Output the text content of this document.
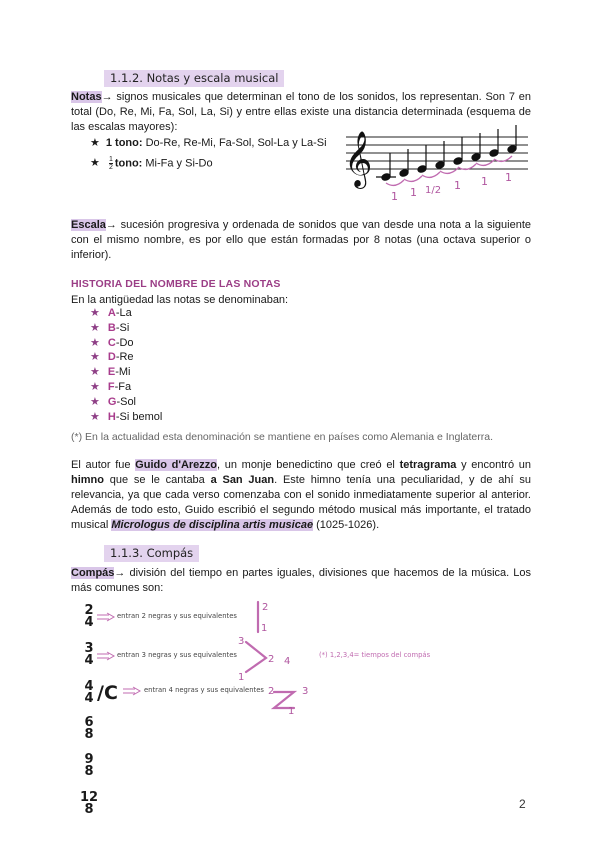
1.1.2. Notas y escala musical
Notas→ signos musicales que determinan el tono de los sonidos, los representan. Son 7 en total (Do, Re, Mi, Fa, Sol, La, Si) y entre ellas existe una distancia determinada (esquema de las escalas mayores):
★ 1 tono: Do-Re, Re-Mi, Fa-Sol, Sol-La y La-Si
★ $\frac{1}{2}$ tono: Mi-Fa y Si-Do	𝄞
1 1 1/2 1 1 1
Escala→ sucesión progresiva y ordenada de sonidos que van desde una nota a la siguiente con el mismo nombre, es por ello que están formadas por 8 notas (una octava superior o inferior).
HISTORIA DEL NOMBRE DE LAS NOTAS
En la antigüedad las notas se denominaban:
★ A-La
★ B-Si
★ C-Do
★ D-Re
★ E-Mi
★ F-Fa
★ G-Sol
★ H-Si bemol
(*) En la actualidad esta denominación se mantiene en países como Alemania e Inglaterra.
El autor fue Guido d'Arezzo, un monje benedictino que creó el tetragrama y encontró un himno que se le cantaba a San Juan. Este himno tenía una peculiaridad, y de ahí su relevancia, ya que cada verso comenzaba con el sonido inmediatamente superior al anterior. Además de todo esto, Guido escribió el segundo método musical más importante, el tratado musical Micrologus de disciplina artis musicae (1025-1026).
1.1.3. Compás
Compás→ división del tiempo en partes iguales, divisiones que hacemos de la música. Los más comunes son:
2
4
3
4
4
4 /C
6
8
9
8
12
8
entran 2 negras y sus equivalentes
entran 3 negras y sus equivalentes
entran 4 negras y sus equivalentes
2
1
3
2
1
4
2	3
1
(*) 1,2,3,4= tiempos del compás
2
